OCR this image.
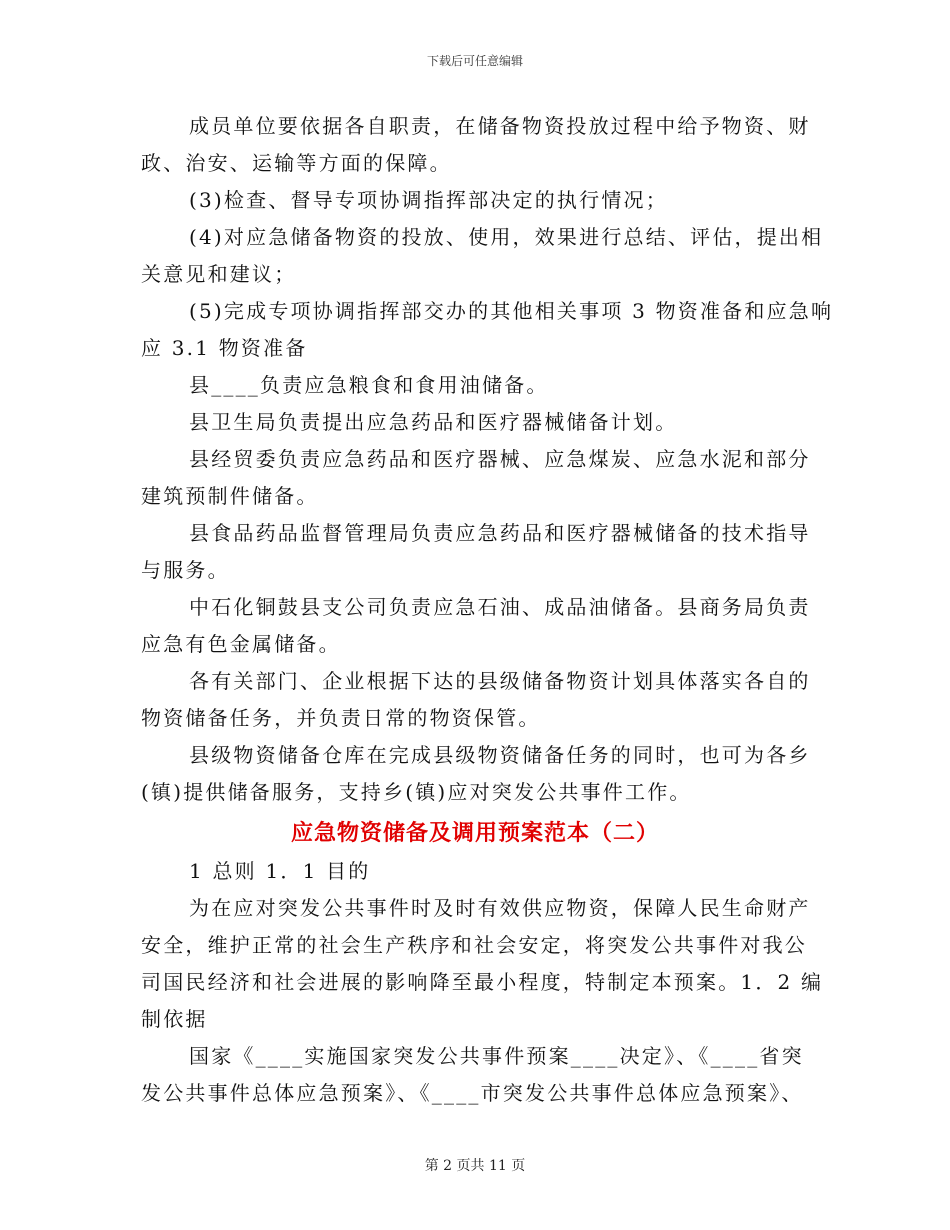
下载后可任意编辑
成员单位要依据各自职责，在储备物资投放过程中给予物资、财
政、治安、运输等方面的保障。
(3)检查、督导专项协调指挥部决定的执行情况；
(4)对应急储备物资的投放、使用，效果进行总结、评估，提出相
关意见和建议；
(5)完成专项协调指挥部交办的其他相关事项 3 物资准备和应急响
应 3.1 物资准备
县____负责应急粮食和食用油储备。
县卫生局负责提出应急药品和医疗器械储备计划。
县经贸委负责应急药品和医疗器械、应急煤炭、应急水泥和部分
建筑预制件储备。
县食品药品监督管理局负责应急药品和医疗器械储备的技术指导
与服务。
中石化铜鼓县支公司负责应急石油、成品油储备。县商务局负责
应急有色金属储备。
各有关部门、企业根据下达的县级储备物资计划具体落实各自的
物资储备任务，并负责日常的物资保管。
县级物资储备仓库在完成县级物资储备任务的同时，也可为各乡
(镇)提供储备服务，支持乡(镇)应对突发公共事件工作。
应急物资储备及调用预案范本（二）
1 总则 1．1 目的
为在应对突发公共事件时及时有效供应物资，保障人民生命财产
安全，维护正常的社会生产秩序和社会安定，将突发公共事件对我公
司国民经济和社会进展的影响降至最小程度，特制定本预案。1．2 编
制依据
国家《____实施国家突发公共事件预案____决定》、《____省突
发公共事件总体应急预案》、《____市突发公共事件总体应急预案》、
第 2 页共 11 页
